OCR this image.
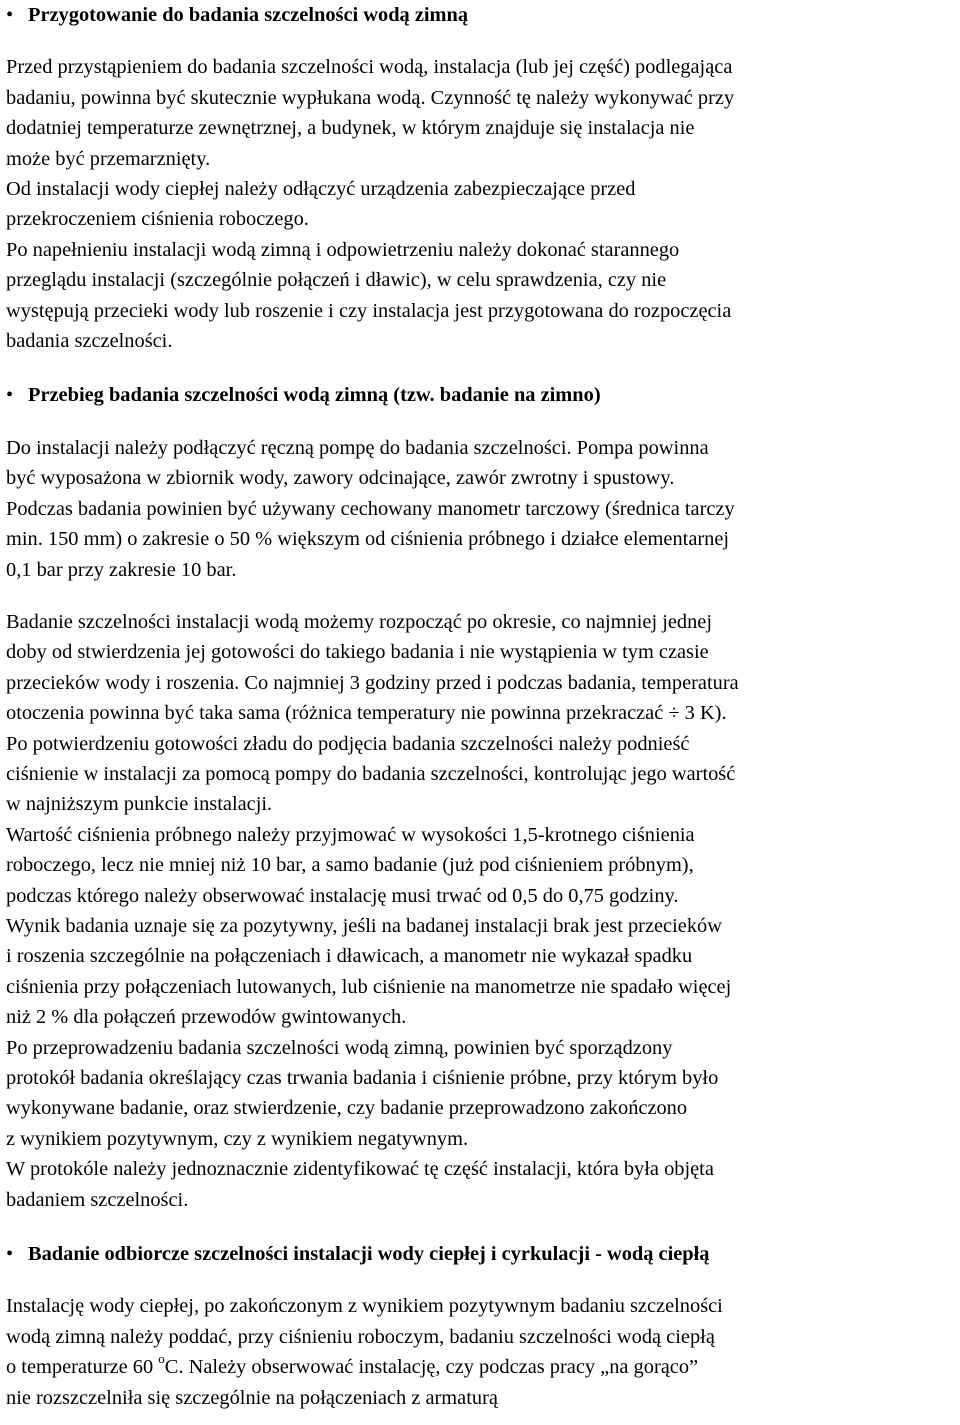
• Przygotowanie do badania szczelności wodą zimną

Przed przystąpieniem do badania szczelności wodą, instalacja (lub jej część) podlegająca

badaniu, powinna być skutecznie wypłukana wodą. Czynność tę należy wykonywać przy

dodatniej temperaturze zewnętrznej, a budynek, w którym znajduje się instalacja nie

może być przemarznięty.

Od instalacji wody ciepłej należy odłączyć urządzenia zabezpieczające przed

przekroczeniem ciśnienia roboczego.

Po napełnieniu instalacji wodą zimną i odpowietrzeniu należy dokonać starannego

przeglądu instalacji (szczególnie połączeń i dławic), w celu sprawdzenia, czy nie

występują przecieki wody lub roszenie i czy instalacja jest przygotowana do rozpoczęcia

badania szczelności.

• Przebieg badania szczelności wodą zimną (tzw. badanie na zimno)

Do instalacji należy podłączyć ręczną pompę do badania szczelności. Pompa powinna

być wyposażona w zbiornik wody, zawory odcinające, zawór zwrotny i spustowy.

Podczas badania powinien być używany cechowany manometr tarczowy (średnica tarczy

min. 150 mm) o zakresie o 50 % większym od ciśnienia próbnego i działce elementarnej

0,1 bar przy zakresie 10 bar.

Badanie szczelności instalacji wodą możemy rozpocząć po okresie, co najmniej jednej

doby od stwierdzenia jej gotowości do takiego badania i nie wystąpienia w tym czasie

przecieków wody i roszenia. Co najmniej 3 godziny przed i podczas badania, temperatura

otoczenia powinna być taka sama (różnica temperatury nie powinna przekraczać ÷ 3 K).

Po potwierdzeniu gotowości zładu do podjęcia badania szczelności należy podnieść

ciśnienie w instalacji za pomocą pompy do badania szczelności, kontrolując jego wartość

w najniższym punkcie instalacji.

Wartość ciśnienia próbnego należy przyjmować w wysokości 1,5-krotnego ciśnienia

roboczego, lecz nie mniej niż 10 bar, a samo badanie (już pod ciśnieniem próbnym),

podczas którego należy obserwować instalację musi trwać od 0,5 do 0,75 godziny.

Wynik badania uznaje się za pozytywny, jeśli na badanej instalacji brak jest przecieków

i roszenia szczególnie na połączeniach i dławicach, a manometr nie wykazał spadku

ciśnienia przy połączeniach lutowanych, lub ciśnienie na manometrze nie spadało więcej

niż 2 % dla połączeń przewodów gwintowanych.

Po przeprowadzeniu badania szczelności wodą zimną, powinien być sporządzony

protokół badania określający czas trwania badania i ciśnienie próbne, przy którym było

wykonywane badanie, oraz stwierdzenie, czy badanie przeprowadzono zakończono

z wynikiem pozytywnym, czy z wynikiem negatywnym.

W protokóle należy jednoznacznie zidentyfikować tę część instalacji, która była objęta

badaniem szczelności.

• Badanie odbiorcze szczelności instalacji wody ciepłej i cyrkulacji - wodą ciepłą

Instalację wody ciepłej, po zakończonym z wynikiem pozytywnym badaniu szczelności

wodą zimną należy poddać, przy ciśnieniu roboczym, badaniu szczelności wodą ciepłą

o temperaturze 60 $^o$C. Należy obserwować instalację, czy podczas pracy „na gorąco”

nie rozszczelniła się szczególnie na połączeniach z armaturą
